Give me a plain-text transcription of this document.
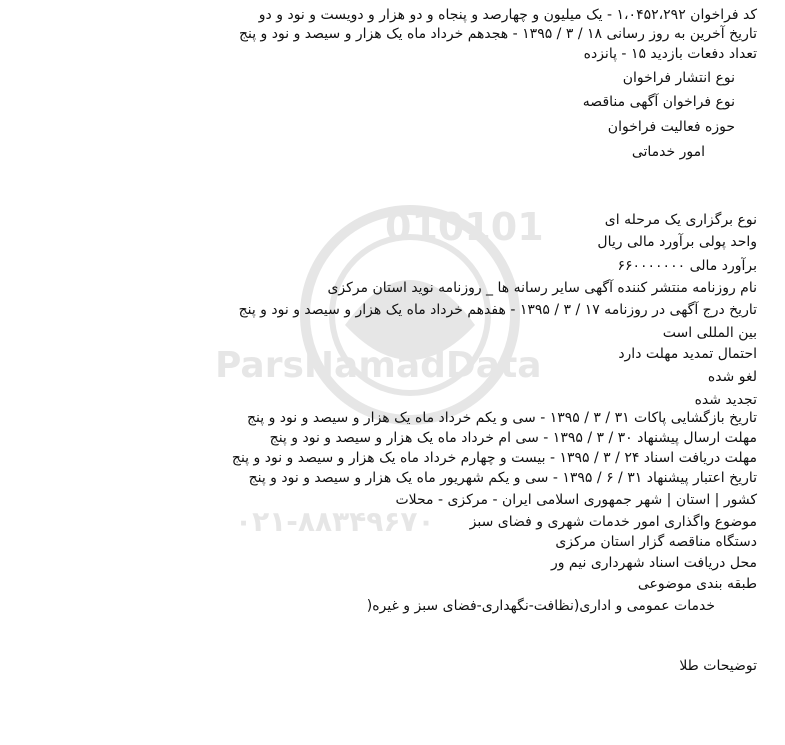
010101
ParsNamadData
۰۲۱-۸۸۳۴۹۶۷۰
کد فراخوان ۱،۰۴۵۲،۲۹۲ - یک میلیون و چهارصد و پنجاه و دو هزار و دویست و نود و دو
تاریخ آخرین به روز رسانی ۱۸ / ۳ / ۱۳۹۵ - هجدهم خرداد ماه یک هزار و سیصد و نود و پنج
تعداد دفعات بازدید ۱۵ - پانزده
نوع انتشار فراخوان
نوع فراخوان آگهی مناقصه
حوزه فعالیت فراخوان
امور خدماتی
نوع برگزاری یک مرحله ای
واحد پولی برآورد مالی ریال
برآورد مالی ۶۶۰۰۰۰۰۰۰
نام روزنامه منتشر کننده آگهی سایر رسانه ها _ روزنامه نوید استان مرکزی
تاریخ درج آگهی در روزنامه ۱۷ / ۳ / ۱۳۹۵ - هفدهم خرداد ماه یک هزار و سیصد و نود و پنج
بین المللی است
احتمال تمدید مهلت دارد
لغو شده
تجدید شده
تاریخ بازگشایی پاکات ۳۱ / ۳ / ۱۳۹۵ - سی و یکم خرداد ماه یک هزار و سیصد و نود و پنج
مهلت ارسال پیشنهاد ۳۰ / ۳ / ۱۳۹۵ - سی ام خرداد ماه یک هزار و سیصد و نود و پنج
مهلت دریافت اسناد ۲۴ / ۳ / ۱۳۹۵ - بیست و چهارم خرداد ماه یک هزار و سیصد و نود و پنج
تاریخ اعتبار پیشنهاد ۳۱ / ۶ / ۱۳۹۵ - سی و یکم شهریور ماه یک هزار و سیصد و نود و پنج
کشور | استان | شهر جمهوری اسلامی ایران - مرکزی - محلات
موضوع واگذاری امور خدمات شهری و فضای سبز
دستگاه مناقصه گزار استان مرکزی
محل دریافت اسناد شهرداری نیم ور
طبقه بندی موضوعی
خدمات عمومی و اداری(نظافت-نگهداری-فضای سبز و غیره(
توضیحات طلا
